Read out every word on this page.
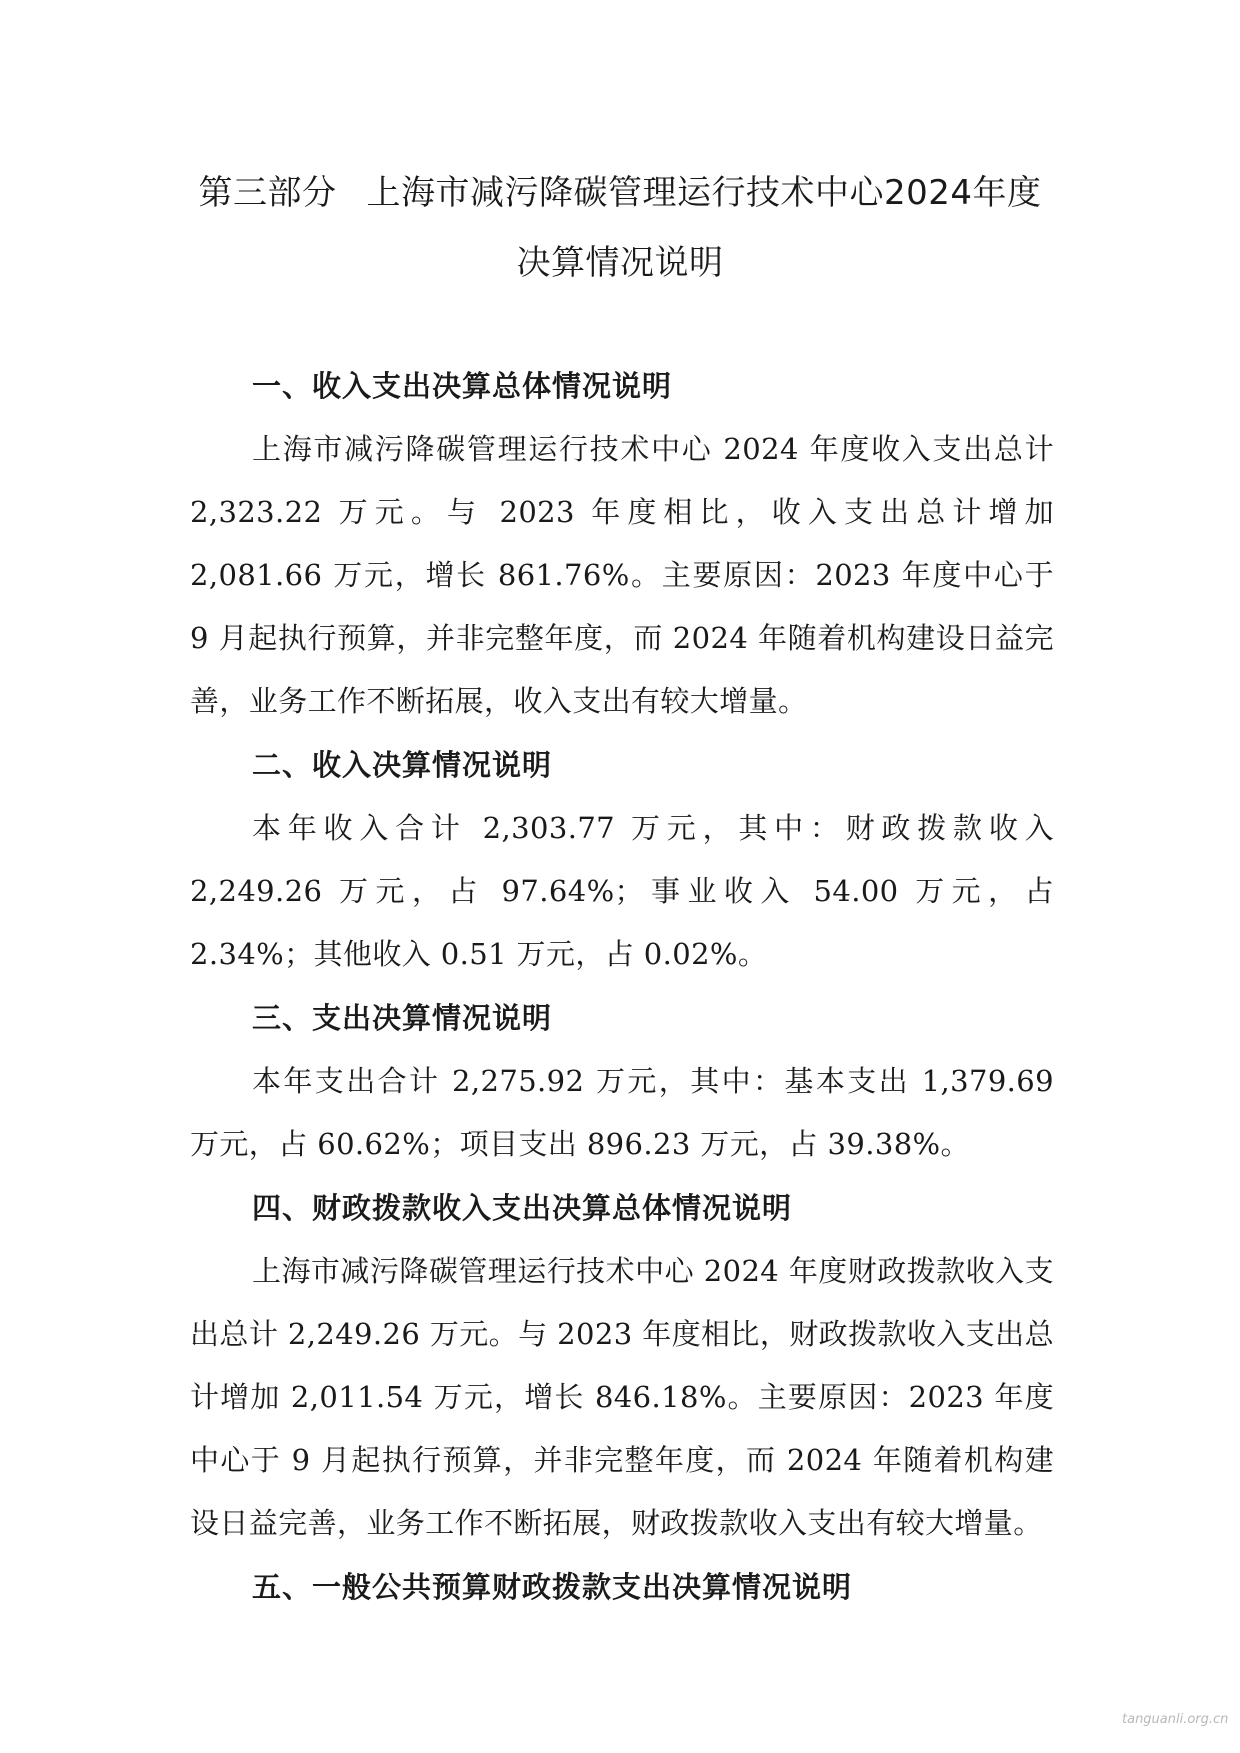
第三部分 上海市减污降碳管理运行技术中心2024年度决算情况说明

一、收入支出决算总体情况说明

上海市减污降碳管理运行技术中心 2024 年度收入支出总计 2,323.22 万元。与 2023 年度相比，收入支出总计增加 2,081.66 万元，增长 861.76%。主要原因：2023 年度中心于 9 月起执行预算，并非完整年度，而 2024 年随着机构建设日益完善，业务工作不断拓展，收入支出有较大增量。

二、收入决算情况说明

本年收入合计 2,303.77 万元，其中：财政拨款收入 2,249.26 万元，占 97.64%；事业收入 54.00 万元，占 2.34%；其他收入 0.51 万元，占 0.02%。

三、支出决算情况说明

本年支出合计 2,275.92 万元，其中：基本支出 1,379.69 万元，占 60.62%；项目支出 896.23 万元，占 39.38%。

四、财政拨款收入支出决算总体情况说明

上海市减污降碳管理运行技术中心 2024 年度财政拨款收入支出总计 2,249.26 万元。与 2023 年度相比，财政拨款收入支出总计增加 2,011.54 万元，增长 846.18%。主要原因：2023 年度中心于 9 月起执行预算，并非完整年度，而 2024 年随着机构建设日益完善，业务工作不断拓展，财政拨款收入支出有较大增量。

五、一般公共预算财政拨款支出决算情况说明

tanguanli.org.cn
